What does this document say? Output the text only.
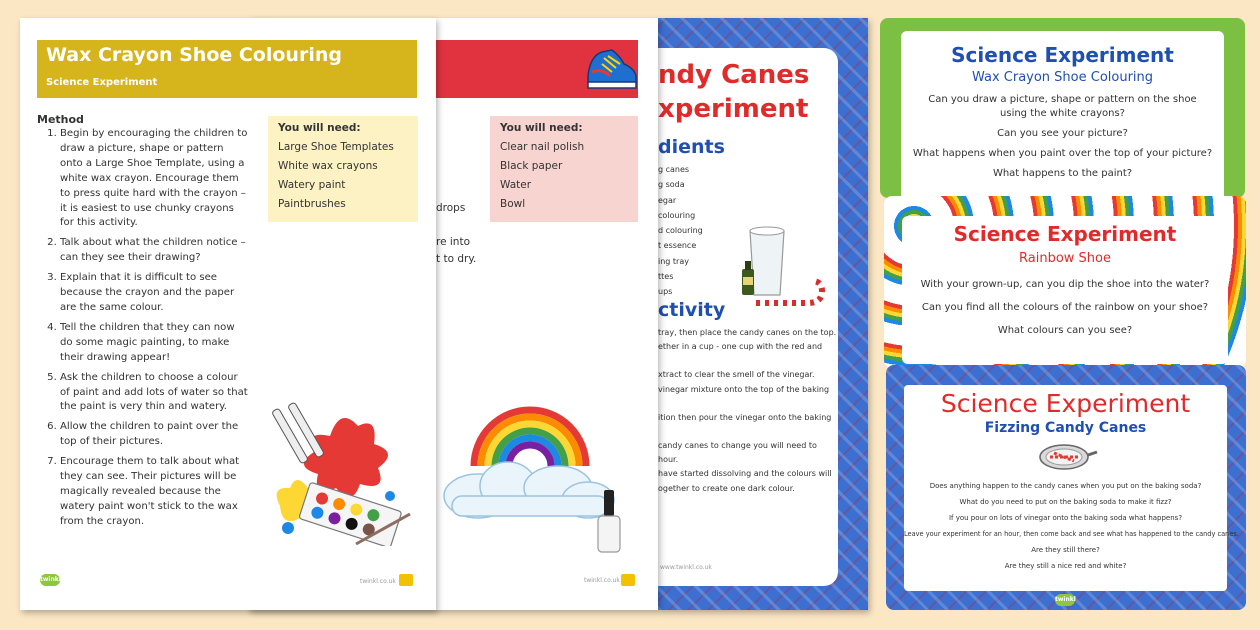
ndy Canes
xperiment
dients
g canes
g soda
egar
colouring
d colouring
t essence
ing tray
ttes
ups
ctivity
tray, then place the candy canes on the top.
ether in a cup - one cup with the red and
xtract to clear the smell of the vinegar.
vinegar mixture onto the top of the baking
ition then pour the vinegar onto the baking
candy canes to change you will need to
hour.
have started dissolving and the colours will
ogether to create one dark colour.
www.twinkl.co.uk

You will need:

Clear nail polish

Black paper

Water

Bowl

drops
re into
t to dry.
twinkl.co.uk
Wax Crayon Shoe Colouring
Science Experiment
Method
1. Begin by encouraging the children to draw a picture, shape or pattern onto a Large Shoe Template, using a white wax crayon. Encourage them to press quite hard with the crayon – it is easiest to use chunky crayons for this activity.
2. Talk about what the children notice – can they see their drawing?
3. Explain that it is difficult to see because the crayon and the paper are the same colour.
4. Tell the children that they can now do some magic painting, to make their drawing appear!
5. Ask the children to choose a colour of paint and add lots of water so that the paint is very thin and watery.
6. Allow the children to paint over the top of their pictures.
7. Encourage them to talk about what they can see. Their pictures will be magically revealed because the watery paint won't stick to the wax from the crayon.

You will need:

Large Shoe Templates

White wax crayons

Watery paint

Paintbrushes

twinkl	twinkl.co.uk
Science Experiment
Wax Crayon Shoe Colouring

Can you draw a picture, shape or pattern on the shoe using the white crayons?

Can you see your picture?

What happens when you paint over the top of your picture?

What happens to the paint?

Science Experiment
Rainbow Shoe

With your grown-up, can you dip the shoe into the water?

Can you find all the colours of the rainbow on your shoe?

What colours can you see?

Science Experiment
Fizzing Candy Canes

Does anything happen to the candy canes when you put on the baking soda?

What do you need to put on the baking soda to make it fizz?

If you pour on lots of vinegar onto the baking soda what happens?

Leave your experiment for an hour, then come back and see what has happened to the candy canes.

Are they still there?

Are they still a nice red and white?

twinkl
